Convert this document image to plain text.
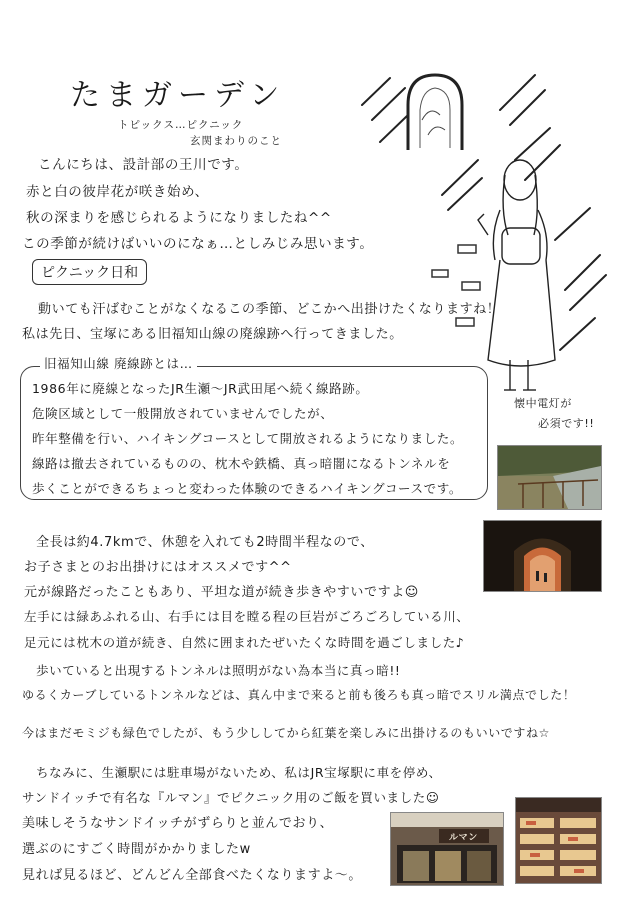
たまガーデン
トピックス…ピクニック
玄関まわりのこと
こんにちは、設計部の王川です。
赤と白の彼岸花が咲き始め、
秋の深まりを感じられるようになりましたね^^
この季節が続けばいいのになぁ…としみじみ思います。
ピクニック日和
動いても汗ばむことがなくなるこの季節、どこかへ出掛けたくなりますね！
私は先日、宝塚にある旧福知山線の廃線跡へ行ってきました。
旧福知山線 廃線跡とは…
1986年に廃線となったJR生瀬～JR武田尾へ続く線路跡。
危険区域として一般開放されていませんでしたが、
昨年整備を行い、ハイキングコースとして開放されるようになりました。
線路は撤去されているものの、枕木や鉄橋、真っ暗闇になるトンネルを
歩くことができるちょっと変わった体験のできるハイキングコースです。
懐中電灯が
必須です!!
全長は約4.7kmで、休憩を入れても2時間半程なので、
お子さまとのお出掛けにはオススメです^^
元が線路だったこともあり、平坦な道が続き歩きやすいですよ☺
左手には緑あふれる山、右手には目を瞠る程の巨岩がごろごろしている川、
足元には枕木の道が続き、自然に囲まれたぜいたくな時間を過ごしました♪
歩いていると出現するトンネルは照明がない為本当に真っ暗!!
ゆるくカーブしているトンネルなどは、真ん中まで来ると前も後ろも真っ暗でスリル満点でした！
今はまだモミジも緑色でしたが、もう少ししてから紅葉を楽しみに出掛けるのもいいですね☆
ちなみに、生瀬駅には駐車場がないため、私はJR宝塚駅に車を停め、
サンドイッチで有名な『ルマン』でピクニック用のご飯を買いました☺
美味しそうなサンドイッチがずらりと並んでおり、
選ぶのにすごく時間がかかりましたw
見れば見るほど、どんどん全部食べたくなりますよ～。
ルマン
